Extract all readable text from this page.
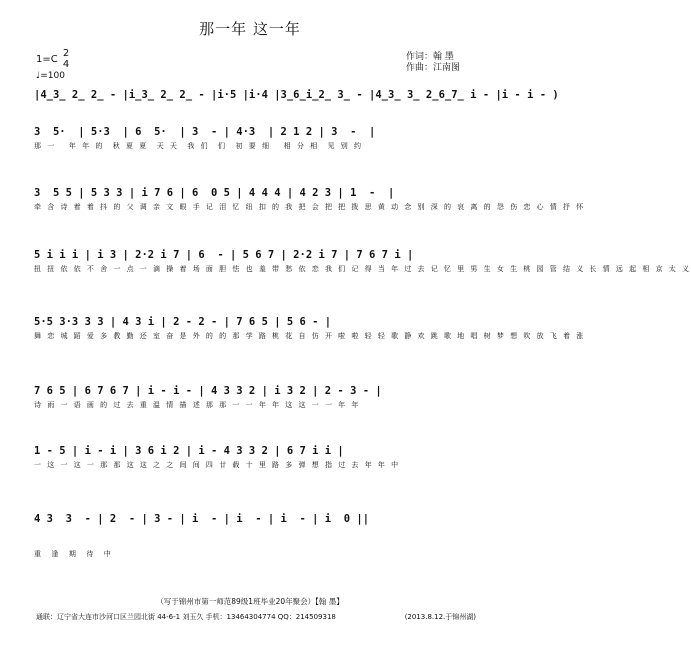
那一年 这一年
1=C
2
4
♩=100
作词：翰 墨
作曲：江南图
|4̲3̲ 2̲ 2̲ - |i̲3̲ 2̲ 2̲ - |i·5 |i·4 |3̲6̲i̲2̲ 3̲ - |4̲3̲ 3̲ 2̲6̲7̲ i - |i - i - )
3  5·  | 5·3  | 6  5·  | 3  - | 4·3  | 2 1 2 | 3  -  |
那 一   年 年 的  秋 夏 夏  天 天  我 们  们  初 要 细   相 分 相  见 别 约
3  5 5 | 5 3 3 | i 7 6 | 6  0 5 | 4 4 4 | 4 2 3 | 1  -  |
牵 含 诗 着 着 抖 的 父 调 亲 文 眼 手 记 泪 忆 纽 扣 的 我 把 会 把 把 拨 思 黄 动 念 别 深 的 哀 离 的 怨 伤 恋 心 情 抒 怀
5 i i i | i 3 | 2·2 i 7 | 6  - | 5 6 7 | 2·2 i 7 | 7 6 7 i |
扭 扭 依 依 不 舍 一 点 一 滴 操 着 场 面 胆 怯 也 羞 带 愁 依 恋 我 们 记 得 当 年 过 去 记 忆 里 男 生 女 生 桃 园 管 结 义 长 情 远 起 相 京 太 义
5·5 3·3 3 3 | 4 3 i | 2 - 2 - | 7 6 5 | 5 6 - |
舞 恋 城 蹈 爱 多 教 勤 还 室 奋 是 外 的 的 那 学 路 桃 花 自 仿 开 啦 啦 轻 轻 歌 静 欢 跳 歌 地 唱 树 梦 想 吹 放 飞 着 涨
7 6 5 | 6 7 6 7 | i - i - | 4 3 3 2 | i 3 2 | 2 - 3 - |
诗 雨 一 语 画 的 过 去 重 温 情 描 述 那 那 一 一 年 年 这 这 一 一 年 年
1 - 5 | i - i | 3 6 i 2 | i - 4 3 3 2 | 6 7 i i |
一 这 一 这 一 那 那 这 这 之 之 间 间 四 廿 载 十 里 路 多 弹 想 指 过 去 年 年 中
4 3  3  - | 2  - | 3 - | i  - | i  - | i  - | i  0 ||
重  逢  期  待  中
（写于锦州市第一师范89级1班毕业20年聚会）【翰 墨】
通联：辽宁省大连市沙河口区兰园北街 44-6-1 刘玉久 手机：13464304774 QQ：214509318	(2013.8.12.于锦州湖)
